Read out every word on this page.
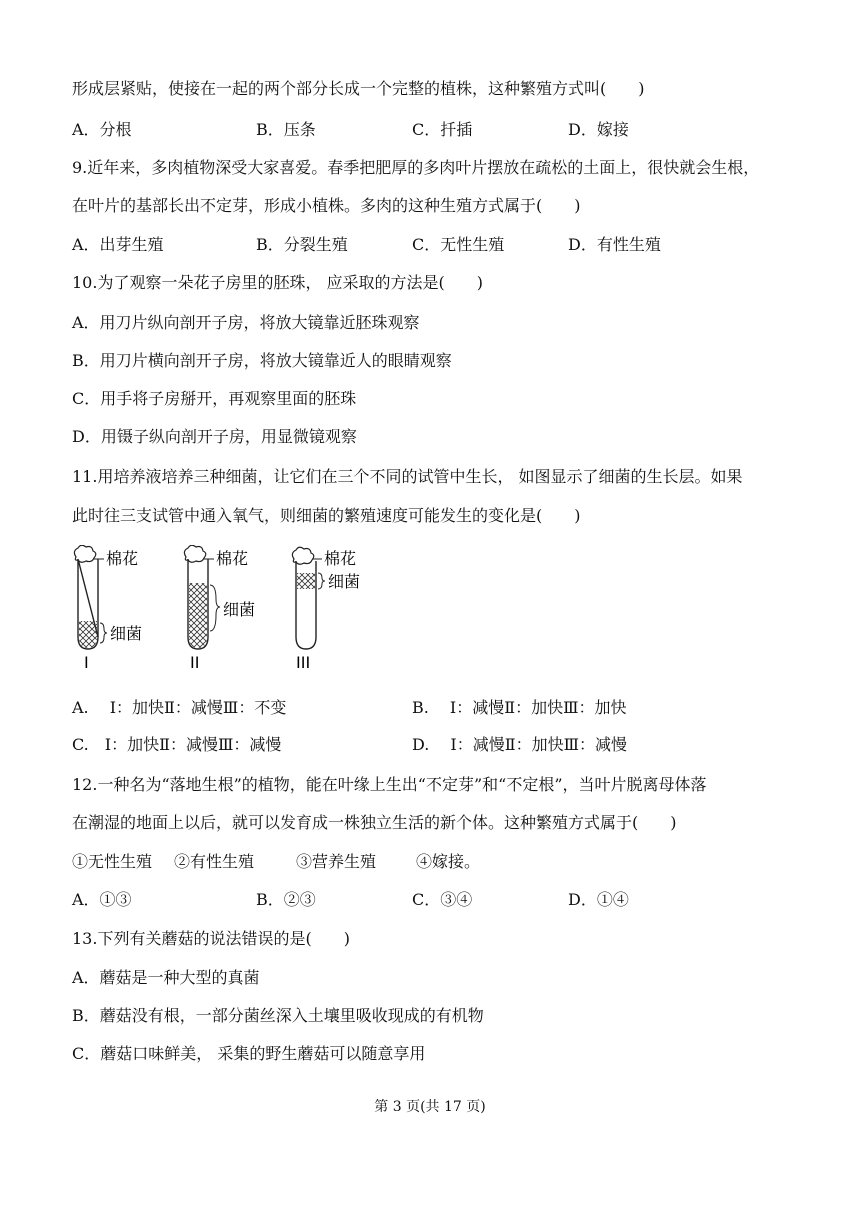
形成层紧贴，使接在一起的两个部分长成一个完整的植株，这种繁殖方式叫(　　)
A．分根	B．压条	C．扦插	D．嫁接
9.近年来，多肉植物深受大家喜爱。春季把肥厚的多肉叶片摆放在疏松的土面上，很快就会生根，
在叶片的基部长出不定芽，形成小植株。多肉的这种生殖方式属于(　　)
A．出芽生殖	B．分裂生殖	C．无性生殖	D．有性生殖
10.为了观察一朵花子房里的胚珠， 应采取的方法是(　　)
A．用刀片纵向剖开子房，将放大镜靠近胚珠观察
B．用刀片横向剖开子房，将放大镜靠近人的眼睛观察
C．用手将子房掰开，再观察里面的胚珠
D．用镊子纵向剖开子房，用显微镜观察
11.用培养液培养三种细菌，让它们在三个不同的试管中生长， 如图显示了细菌的生长层。如果
此时往三支试管中通入氧气，则细菌的繁殖速度可能发生的变化是(　　)
棉花
细菌
I
棉花
细菌
II
棉花
细菌
III
A.　 Ⅰ：加快Ⅱ：减慢Ⅲ：不变	B.　 Ⅰ：减慢Ⅱ：加快Ⅲ：加快
C.　Ⅰ：加快Ⅱ：减慢Ⅲ：减慢	D.　 Ⅰ：减慢Ⅱ：加快Ⅲ：减慢
12.一种名为“落地生根”的植物，能在叶缘上生出“不定芽”和“不定根”，当叶片脱离母体落
在潮湿的地面上以后，就可以发育成一株独立生活的新个体。这种繁殖方式属于(　　)
①无性生殖 ②有性生殖	③营养生殖 ④嫁接。
A．①③	B．②③	C．③④	D．①④
13.下列有关蘑菇的说法错误的是(　　)
A．蘑菇是一种大型的真菌
B．蘑菇没有根，一部分菌丝深入土壤里吸收现成的有机物
C．蘑菇口味鲜美， 采集的野生蘑菇可以随意享用
第 3 页(共 17 页)
